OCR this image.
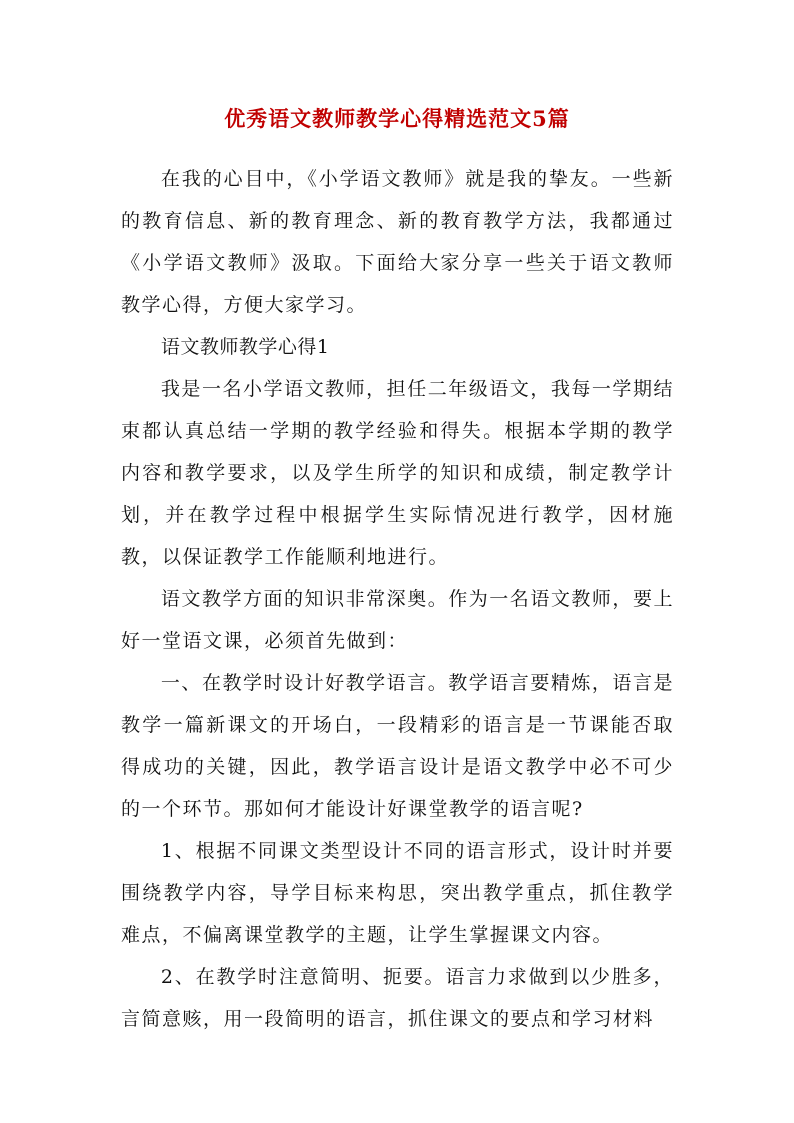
优秀语文教师教学心得精选范文5篇

在我的心目中，《小学语文教师》就是我的挚友。一些新的教育信息、新的教育理念、新的教育教学方法，我都通过《小学语文教师》汲取。下面给大家分享一些关于语文教师教学心得，方便大家学习。

语文教师教学心得1

我是一名小学语文教师，担任二年级语文，我每一学期结束都认真总结一学期的教学经验和得失。根据本学期的教学内容和教学要求，以及学生所学的知识和成绩，制定教学计划，并在教学过程中根据学生实际情况进行教学，因材施教，以保证教学工作能顺利地进行。

语文教学方面的知识非常深奥。作为一名语文教师，要上好一堂语文课，必须首先做到：

一、在教学时设计好教学语言。教学语言要精炼，语言是教学一篇新课文的开场白，一段精彩的语言是一节课能否取得成功的关键，因此，教学语言设计是语文教学中必不可少的一个环节。那如何才能设计好课堂教学的语言呢?

1、根据不同课文类型设计不同的语言形式，设计时并要围绕教学内容，导学目标来构思，突出教学重点，抓住教学难点，不偏离课堂教学的主题，让学生掌握课文内容。

2、在教学时注意简明、扼要。语言力求做到以少胜多，言简意赅，用一段简明的语言，抓住课文的要点和学习材料
